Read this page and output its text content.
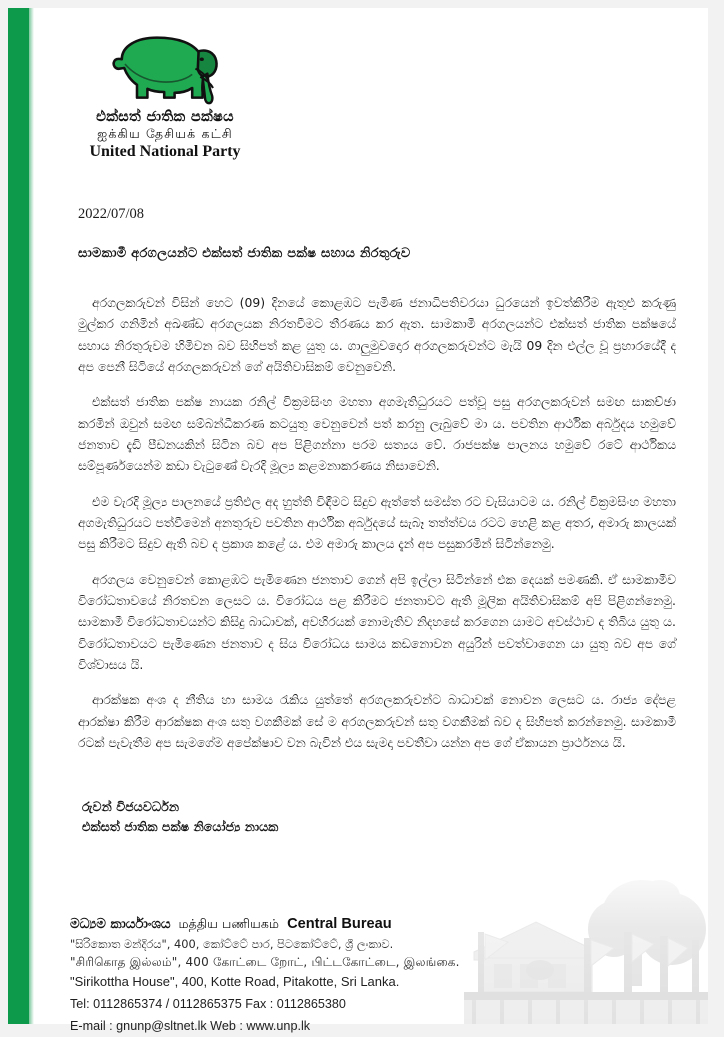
එක්සත් ජාතික පක්ෂය
ஐக்கிய தேசியக் கட்சி
United National Party
2022/07/08
සාමකාමී අරගලයන්ට එක්සත් ජාතික පක්ෂ සහාය නිරතුරුව

අරගලකරුවන් විසින් හෙට (09) දිනයේ කොළඹට පැමිණ ජනාධිපතිවරයා ධුරයෙන් ඉවත්කිරීම ඇතුළු කරුණු මුල්කර ගනිමින් අඛණ්ඩ අරගලයක නිරතවීමට තීරණය කර ඇත. සාමකාමී අරගලයන්ට එක්සත් ජාතික පක්ෂයේ සහාය නිරතුරුවම හිමිවන බව සිහිපත් කළ යුතු ය. ගාලුමුවදොර අරගලකරුවන්ට මැයි 09 දින එල්ල වූ ප්‍රහාරයේදී ද අප පෙනී සිටියේ අරගලකරුවන් ගේ අයිතිවාසිකම් වෙනුවෙනි.

එක්සත් ජාතික පක්ෂ නායක රනිල් වික්‍රමසිංහ මහතා අගමැතිධුරයට පත්වූ පසු අරගලකරුවන් සමඟ සාකච්ඡා කරමින් ඔවුන් සමඟ සම්බන්ධීකරණ කටයුතු වෙනුවෙන් පත් කරනු ලැබුවේ මා ය. පවතින ආර්ථික අර්බුදය හමුවේ ජනතාව දැඩි පීඩනයකින් සිටින බව අප පිළිගන්නා පරම සත්‍යය වේ. රාජපක්ෂ පාලනය හමුවේ රටේ ආර්ථිකය සම්පූර්ණයෙන්ම කඩා වැටුණේ වැරදි මූල්‍ය කළමනාකරණය නිසාවෙනි.

එම වැරදි මූල්‍ය පාලනයේ ප්‍රතිඵල අද හුත්ති විඳීමට සිදුව ඇත්තේ සමස්ත රට වැසියාටම ය. රනිල් වික්‍රමසිංහ මහතා අගමැතිධුරයට පත්වීමෙන් අනතුරුව පවතින ආර්ථික අර්බුදයේ සැබෑ තත්ත්වය රටට හෙළි කළ අතර, අමාරු කාලයක් පසු කිරීමට සිදුව ඇති බව ද ප්‍රකාශ කළේ ය. එම අමාරු කාලය දැන් අප පසුකරමින් සිටින්නෙමු.

අරගලය වෙනුවෙන් කොළඹට පැමිණෙන ජනතාව ගෙන් අපි ඉල්ලා සිටින්නේ එක දෙයක් පමණකි. ඒ සාමකාමීව විරෝධතාවයේ නිරතවන ලෙසට ය. විරෝධය පළ කිරීමට ජනතාවට ඇති මූලික අයිතිවාසිකම් අපි පිළිගන්නෙමු. සාමකාමී විරෝධතාවයන්ට කිසිදු බාධාවක්, අවහිරයක් නොමැතිව නිදහසේ කරගෙන යාමට අවස්ථාව ද තිබිය යුතු ය. විරෝධතාවයට පැමිණෙන ජනතාව ද සිය විරෝධය සාමය කඩනොවන අයුරින් පවත්වාගෙන යා යුතු බව අප ගේ විශ්වාසය යි.

ආරක්ෂක අංශ ද නීතිය හා සාමය රැකිය යුත්තේ අරගලකරුවන්ට බාධාවක් නොවන ලෙසට ය. රාජ්‍ය දේපළ ආරක්ෂා කිරීම ආරක්ෂක අංශ සතු වගකීමක් සේ ම අරගලකරුවන් සතු වගකීමක් බව ද සිහිපත් කරන්නෙමු. සාමකාමී රටක් පැවැතීම අප සැමගේම අපේක්ෂාව වන බැවින් එය සැමදා පවතීවා යන්න අප ගේ ඒකායන ප්‍රාර්ථනය යි.

රුවන් විජයවර්ධන
එක්සත් ජාතික පක්ෂ නියෝජ්‍ය නායක
මධ්‍යම කාර්යාංශය மத்திய பணியகம் Central Bureau
"සිරිකොත මන්දිරය", 400, කෝට්ටේ පාර, පිටකෝට්ටේ, ශ්‍රී ලංකාව.
"சிரிகொத இல்லம்", 400 கோட்டை றோட், பிட்டகோட்டை, இலங்கை.
"Sirikottha House", 400, Kotte Road, Pitakotte, Sri Lanka.
Tel: 0112865374 / 0112865375 Fax : 0112865380
E-mail : gnunp@sltnet.lk Web : www.unp.lk
